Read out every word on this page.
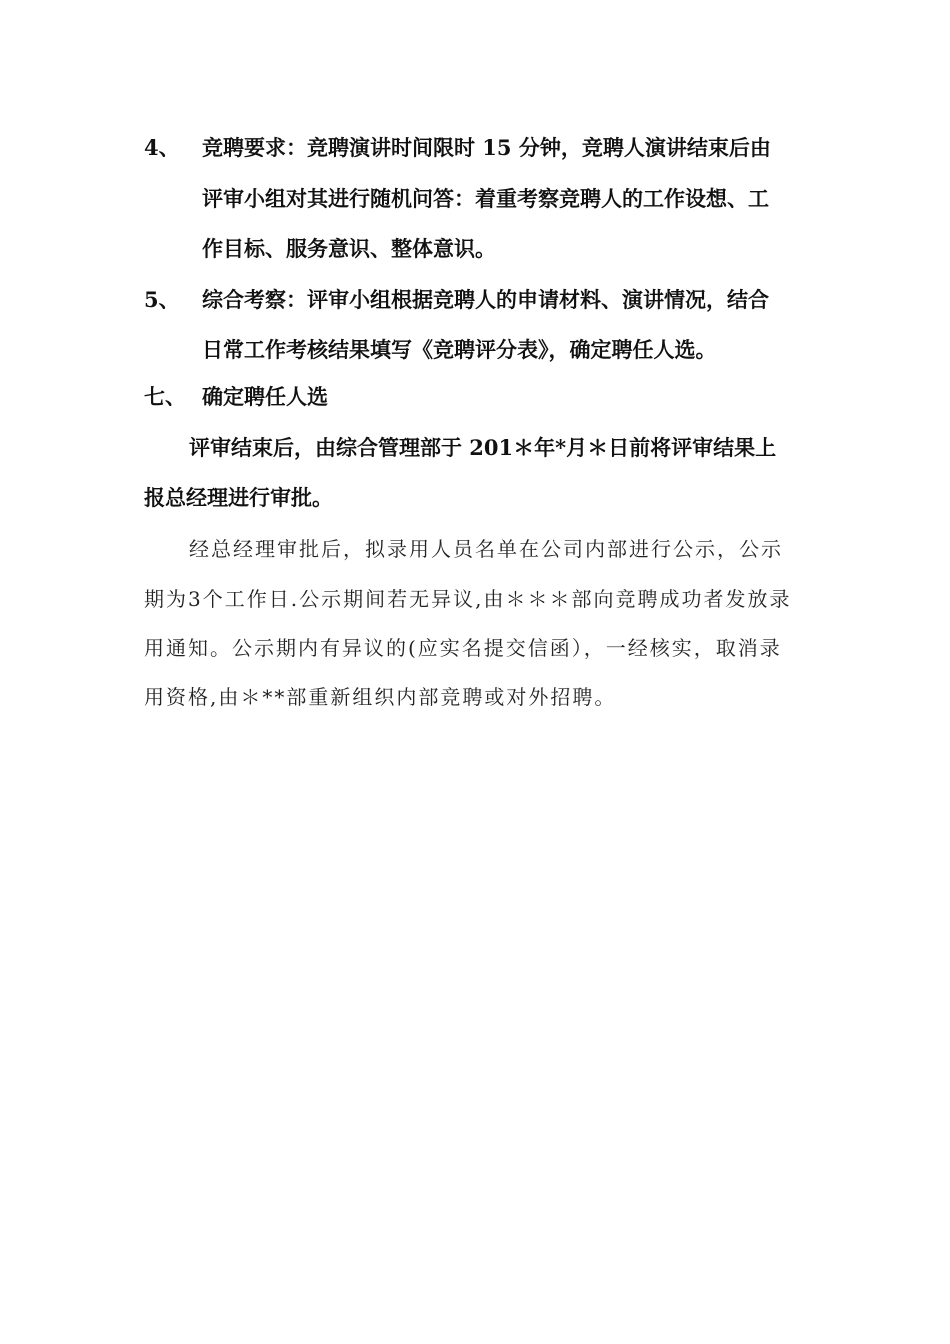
4、 竞聘要求：竞聘演讲时间限时 15 分钟，竞聘人演讲结束后由
评审小组对其进行随机问答：着重考察竞聘人的工作设想、工
作目标、服务意识、整体意识。
5、 综合考察：评审小组根据竞聘人的申请材料、演讲情况，结合
日常工作考核结果填写《竞聘评分表》，确定聘任人选。
七、 确定聘任人选
评审结束后，由综合管理部于 201＊年*月＊日前将评审结果上
报总经理进行审批。
经总经理审批后，拟录用人员名单在公司内部进行公示，公示
期为3个工作日.公示期间若无异议,由＊＊＊部向竞聘成功者发放录
用通知。公示期内有异议的(应实名提交信函），一经核实，取消录
用资格,由＊**部重新组织内部竞聘或对外招聘。
